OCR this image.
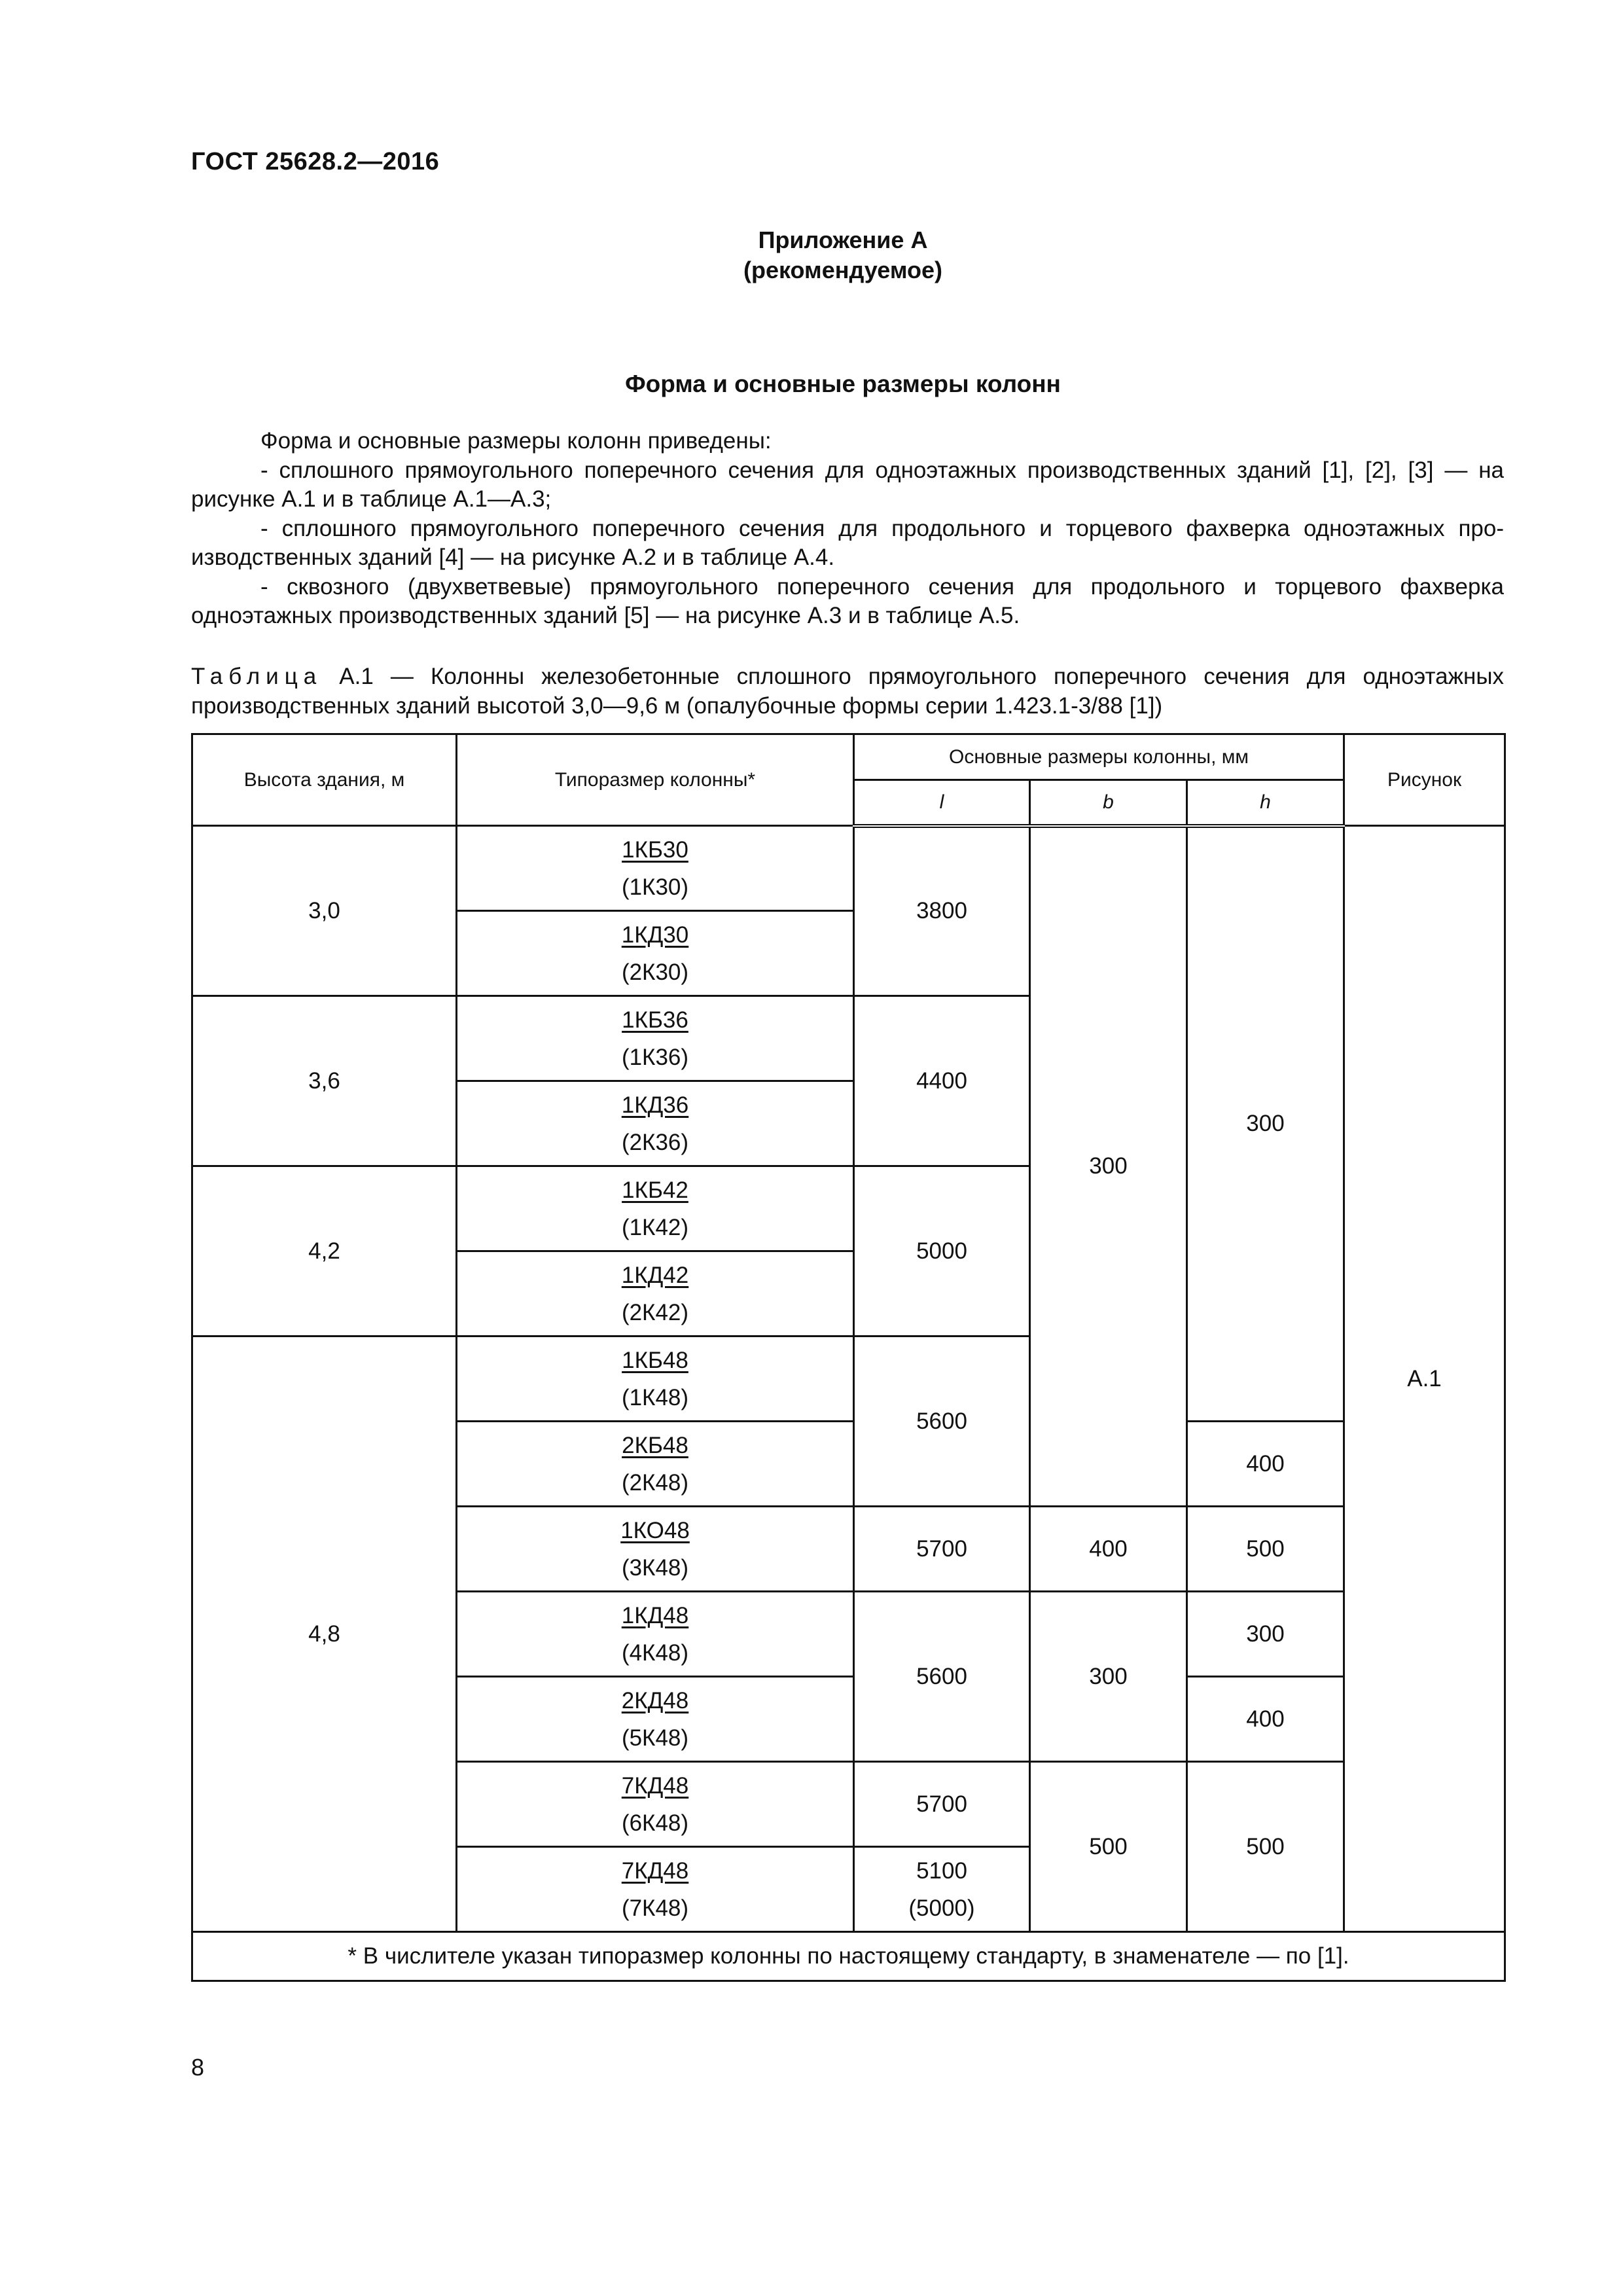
ГОСТ 25628.2—2016
Приложение А
(рекомендуемое)
Форма и основные размеры колонн

Форма и основные размеры колонн приведены:

- сплошного прямоугольного поперечного сечения для одноэтажных производственных зданий [1], [2], [3] — на рисунке А.1 и в таблице А.1—А.3;

- сплошного прямоугольного поперечного сечения для продольного и торцевого фахверка одноэтажных про-изводственных зданий [4] — на рисунке А.2 и в таблице А.4.

- сквозного (двухветвевые) прямоугольного поперечного сечения для продольного и торцевого фахверка одноэтажных производственных зданий [5] — на рисунке А.3 и в таблице А.5.

Таблица А.1 — Колонны железобетонные сплошного прямоугольного поперечного сечения для одноэтажных производственных зданий высотой 3,0—9,6 м (опалубочные формы серии 1.423.1-3/88 [1])
Высота здания, м	Типоразмер колонны*	Основные размеры колонны, мм			Рисунок
		l	b	h	
3,0	1КБ30
(1К30)	3800	300	300	А.1

	1КД30
(2К30)				

3,6	1КБ36
(1К36)	4400			

	1КД36
(2К36)				

4,2	1КБ42
(1К42)	5000			

	1КД42
(2К42)				

4,8	1КБ48
(1К48)	5600			

	2КБ48
(2К48)			400	

	1КО48
(3К48)	5700	400	500	

	1КД48
(4К48)	5600	300	300	

	2КД48
(5К48)			400	

	7КД48
(6К48)	5700	500	500	

	7КД48
(7К48)	5100
(5000)			

* В числителе указан типоразмер колонны по настоящему стандарту, в знаменателе — по [1].					
8
